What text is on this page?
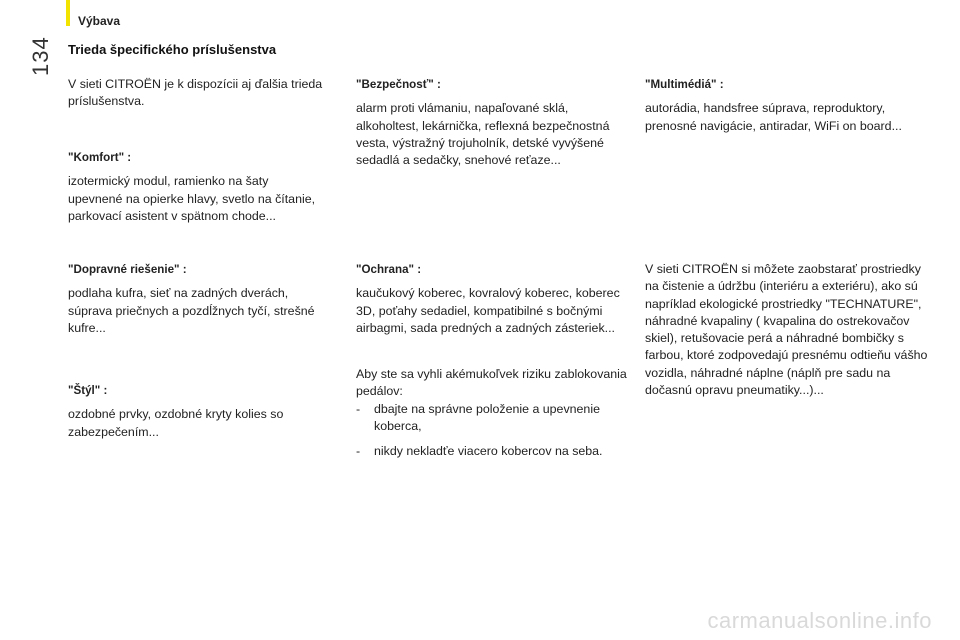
Výbava
134 Trieda špecifického príslušenstva

V sieti CITROËN je k dispozícii aj ďalšia trieda príslušenstva.

"Komfort" :

izotermický modul, ramienko na šaty upevnené na opierke hlavy, svetlo na čítanie, parkovací asistent v spätnom chode...

"Dopravné riešenie" :

podlaha kufra, sieť na zadných dverách, súprava priečnych a pozdĺžnych tyčí, strešné kufre...

"Štýl" :

ozdobné prvky, ozdobné kryty kolies so zabezpečením...

"Bezpečnosť" :

alarm proti vlámaniu, napaľované sklá, alkoholtest, lekárnička, reflexná bezpečnostná vesta, výstražný trojuholník, detské vyvýšené sedadlá a sedačky, snehové reťaze...

"Ochrana" :

kaučukový koberec, kovralový koberec, koberec 3D, poťahy sedadiel, kompatibilné s bočnými airbagmi, sada predných a zadných zásteriek...

Aby ste sa vyhli akémukoľvek riziku zablokovania pedálov:

-	dbajte na správne položenie a upevnenie koberca,
-	nikdy nekladťe viacero kobercov na seba.

"Multimédiá" :

autorádia, handsfree súprava, reproduktory, prenosné navigácie, antiradar, WiFi on board...

V sieti CITROËN si môžete zaobstarať prostriedky na čistenie a údržbu (interiéru a exteriéru), ako sú napríklad ekologické prostriedky "TECHNATURE", náhradné kvapaliny ( kvapalina do ostrekovačov skiel), retušovacie perá a náhradné bombičky s farbou, ktoré zodpovedajú presnému odtieňu vášho vozidla, náhradné náplne (náplň pre sadu na dočasnú opravu pneumatiky...)...

carmanualsonline.info
